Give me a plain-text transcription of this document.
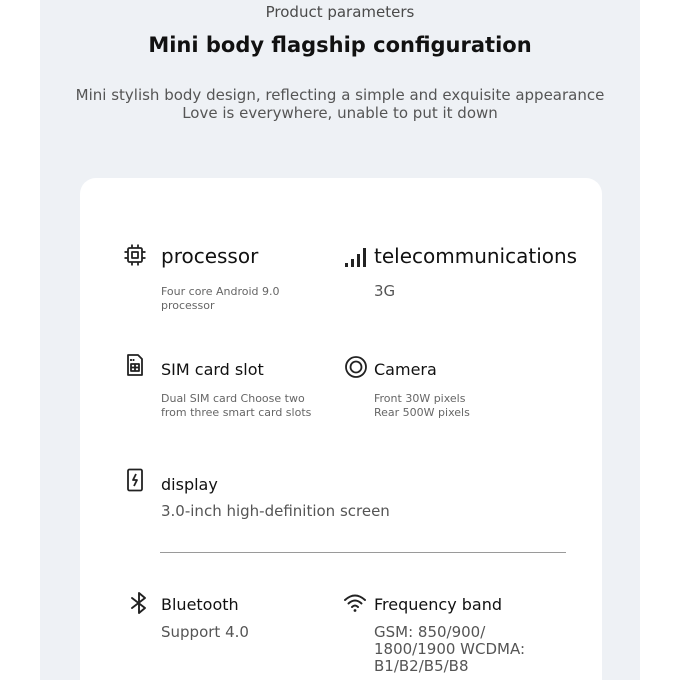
Product parameters
Mini body flagship configuration
Mini stylish body design, reflecting a simple and exquisite appearance
Love is everywhere, unable to put it down
processor
Four core Android 9.0
processor
telecommunications
3G
SIM card slot
Dual SIM card Choose two
from three smart card slots
Camera
Front 30W pixels
Rear 500W pixels
display
3.0-inch high-definition screen
Bluetooth
Support 4.0
Frequency band
GSM: 850/900/
1800/1900 WCDMA:
B1/B2/B5/B8
